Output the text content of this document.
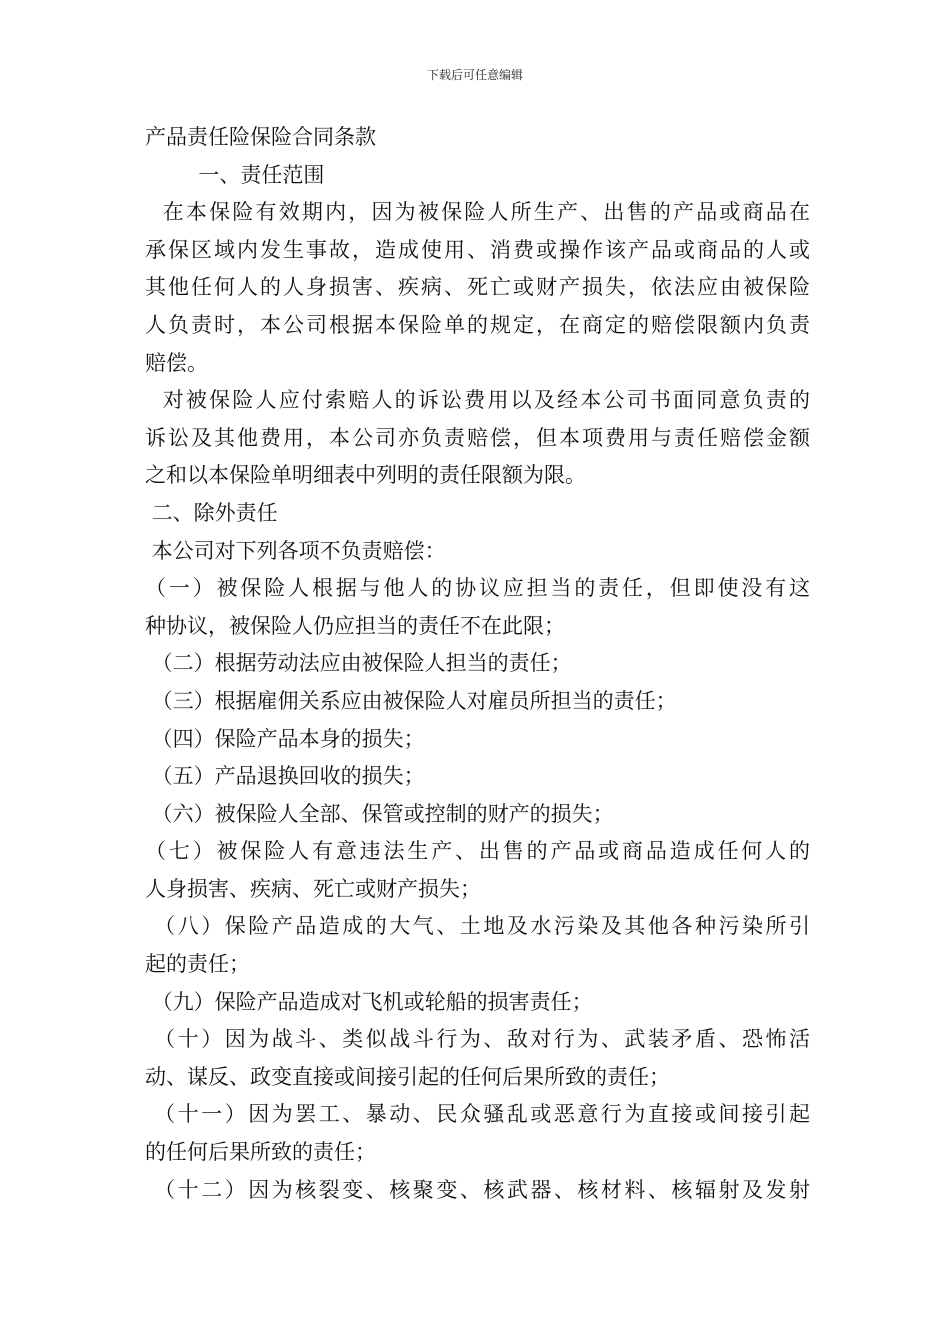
下载后可任意编辑

产品责任险保险合同条款

一、责任范围

在本保险有效期内，因为被保险人所生产、出售的产品或商品在

承保区域内发生事故，造成使用、消费或操作该产品或商品的人或

其他任何人的人身损害、疾病、死亡或财产损失，依法应由被保险

人负责时，本公司根据本保险单的规定，在商定的赔偿限额内负责

赔偿。

对被保险人应付索赔人的诉讼费用以及经本公司书面同意负责的

诉讼及其他费用，本公司亦负责赔偿，但本项费用与责任赔偿金额

之和以本保险单明细表中列明的责任限额为限。

二、除外责任

本公司对下列各项不负责赔偿：

（一）被保险人根据与他人的协议应担当的责任，但即使没有这

种协议，被保险人仍应担当的责任不在此限；

（二）根据劳动法应由被保险人担当的责任；

（三）根据雇佣关系应由被保险人对雇员所担当的责任；

（四）保险产品本身的损失；

（五）产品退换回收的损失；

（六）被保险人全部、保管或控制的财产的损失；

（七）被保险人有意违法生产、出售的产品或商品造成任何人的

人身损害、疾病、死亡或财产损失；

（八）保险产品造成的大气、土地及水污染及其他各种污染所引

起的责任；

（九）保险产品造成对飞机或轮船的损害责任；

（十）因为战斗、类似战斗行为、敌对行为、武装矛盾、恐怖活

动、谋反、政变直接或间接引起的任何后果所致的责任；

（十一）因为罢工、暴动、民众骚乱或恶意行为直接或间接引起

的任何后果所致的责任；

（十二）因为核裂变、核聚变、核武器、核材料、核辐射及发射
